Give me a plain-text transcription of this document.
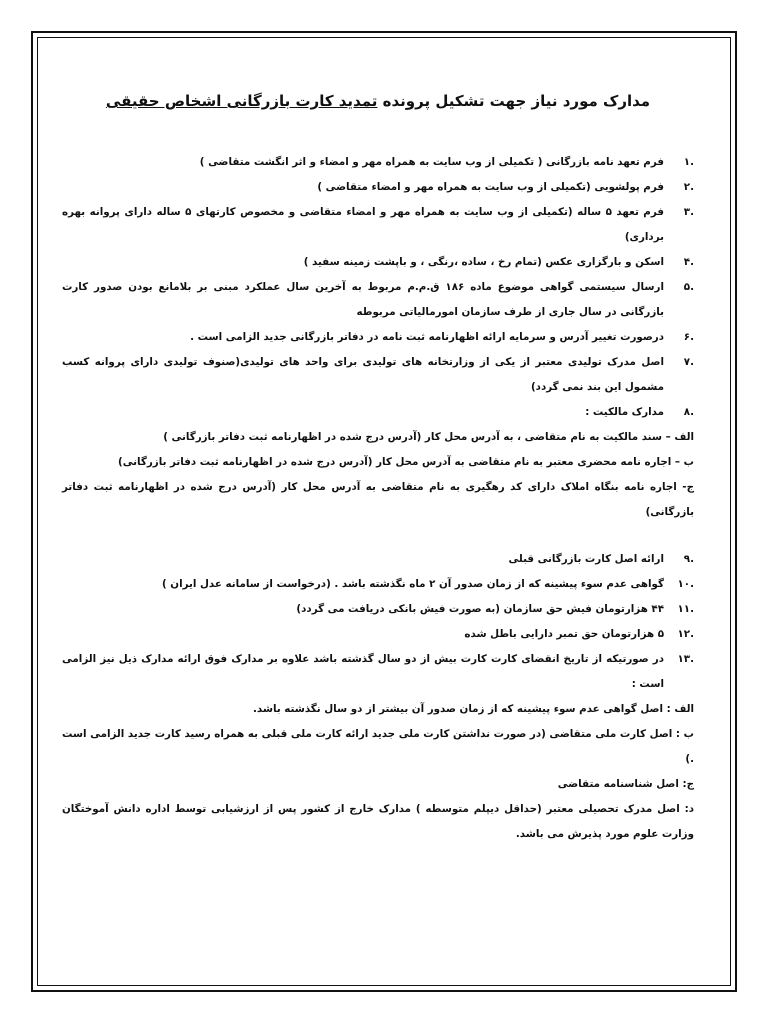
مدارک مورد نیاز جهت تشکیل پرونده تمدید کارت بازرگانی اشخاص حقیقی

.۱
فرم تعهد نامه بازرگانی ( تکمیلی از وب سایت به همراه مهر و امضاء و اثر انگشت متقاضی )

.۲
فرم پولشویی (تکمیلی از وب سایت به همراه مهر و امضاء متقاضی )

.۳
فرم تعهد ۵ ساله (تکمیلی از وب سایت به همراه مهر و امضاء متقاضی و مخصوص کارتهای ۵ ساله دارای پروانه بهره برداری)

.۴
اسکن و بارگزاری عکس (تمام رخ ، ساده ،رنگی ، و باپشت زمینه سفید )

.۵
ارسال سیستمی گواهی موضوع ماده ۱۸۶ ق.م.م مربوط به آخرین سال عملکرد مبنی بر بلامانع بودن صدور کارت بازرگانی در سال جاری از طرف سازمان امورمالیاتی مربوطه

.۶
درصورت تغییر آدرس و سرمایه ارائه اظهارنامه ثبت نامه در دفاتر بازرگانی جدید الزامی است .

.۷
اصل مدرک تولیدی معتبر از یکی از وزارتخانه های تولیدی برای واحد های تولیدی(صنوف تولیدی دارای پروانه کسب مشمول این بند نمی گردد)

.۸
مدارک مالکیت :

الف – سند مالکیت به نام متقاضی ، به آدرس محل کار (آدرس درج شده در اظهارنامه ثبت دفاتر بازرگانی )

ب – اجاره نامه محضری معتبر به نام متقاضی به آدرس محل کار (آدرس درج شده در اظهارنامه ثبت دفاتر بازرگانی)

ج- اجاره نامه بنگاه املاک دارای کد رهگیری به نام متقاضی به آدرس محل کار (آدرس درج شده در اظهارنامه ثبت دفاتر بازرگانی)

.۹
ارائه اصل کارت بازرگانی قبلی

.۱۰
گواهی عدم سوء پیشینه که از زمان صدور آن ۲ ماه نگذشته باشد . (درخواست از سامانه عدل ایران )

.۱۱
۴۴ هزارتومان فیش حق سازمان (به صورت فیش بانکی دریافت می گردد)

.۱۲
۵ هزارتومان حق تمبر دارایی باطل شده

.۱۳
در صورتیکه از تاریخ انقضای کارت کارت بیش از دو سال گذشته باشد علاوه بر مدارک فوق ارائه مدارک ذیل نیز الزامی است :

الف : اصل گواهی عدم سوء پیشینه که از زمان صدور آن بیشتر از دو سال نگذشته باشد.

ب : اصل کارت ملی متقاضی (در صورت نداشتن کارت ملی جدید ارائه کارت ملی قبلی به همراه رسید کارت جدید الزامی است .)

ج: اصل شناسنامه متقاضی

د: اصل مدرک تحصیلی معتبر (حداقل دیپلم متوسطه ) مدارک خارج از کشور پس از ارزشیابی توسط اداره دانش آموختگان وزارت علوم مورد پذیرش می باشد.
